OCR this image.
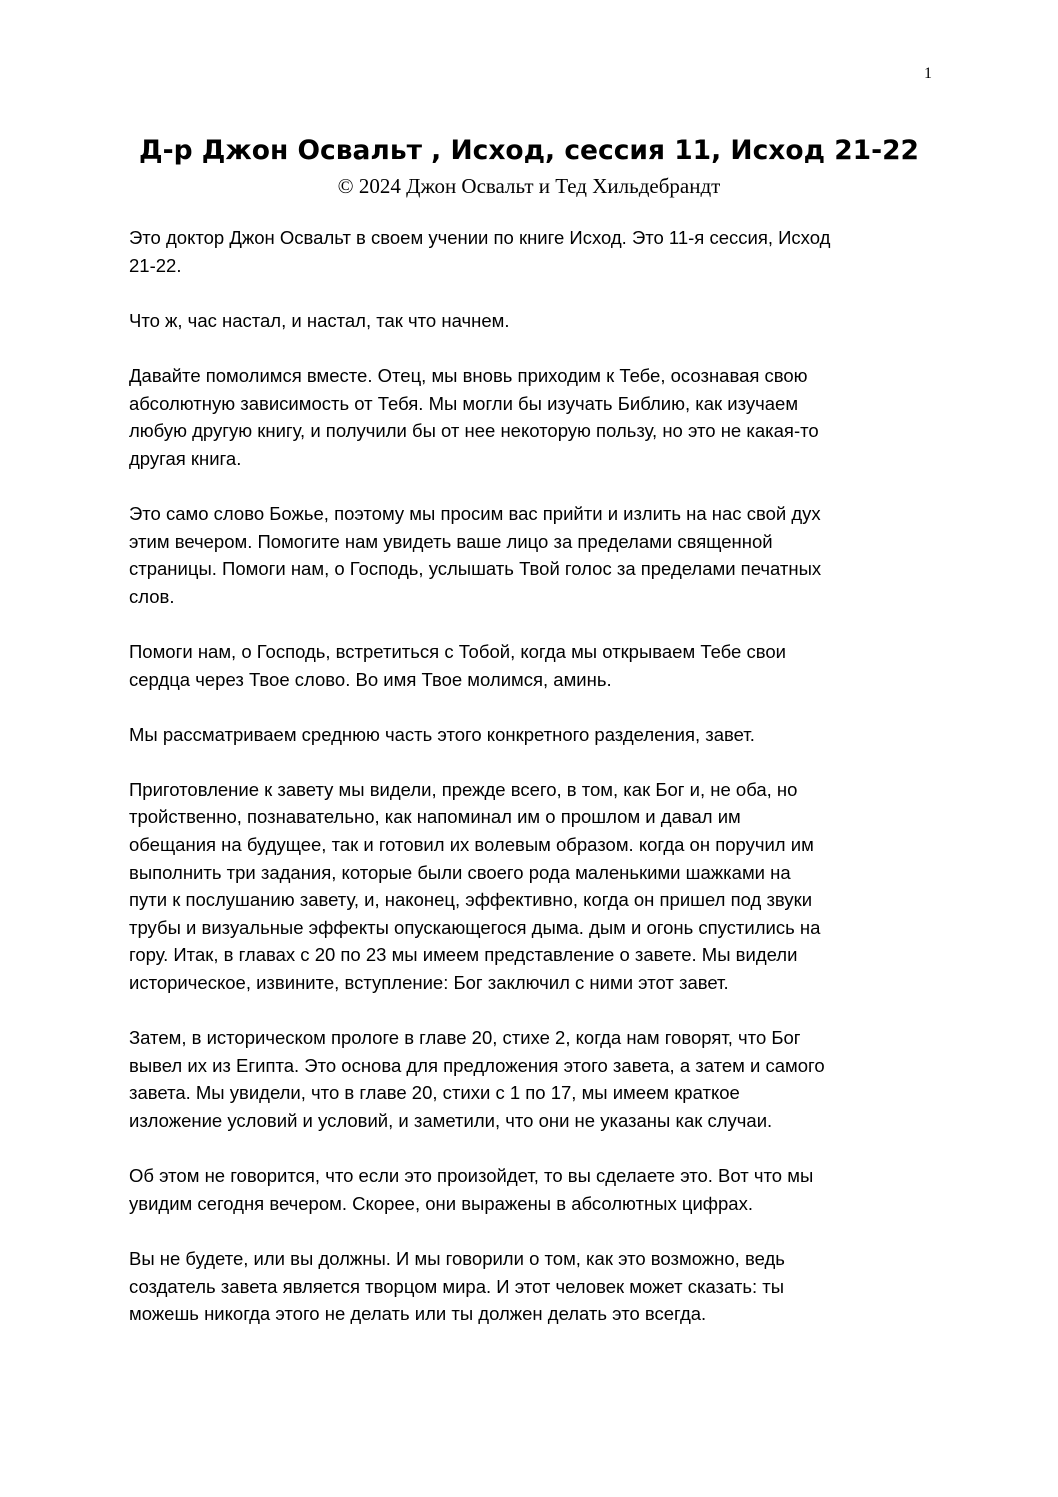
1
Д-р Джон Освальт , Исход, сессия 11, Исход 21-22
© 2024 Джон Освальт и Тед Хильдебрандт

Это доктор Джон Освальт в своем учении по книге Исход. Это 11-я сессия, Исход
21-22.

Что ж, час настал, и настал, так что начнем.

Давайте помолимся вместе. Отец, мы вновь приходим к Тебе, осознавая свою
абсолютную зависимость от Тебя. Мы могли бы изучать Библию, как изучаем
любую другую книгу, и получили бы от нее некоторую пользу, но это не какая-то
другая книга.

Это само слово Божье, поэтому мы просим вас прийти и излить на нас свой дух
этим вечером. Помогите нам увидеть ваше лицо за пределами священной
страницы. Помоги нам, о Господь, услышать Твой голос за пределами печатных
слов.

Помоги нам, о Господь, встретиться с Тобой, когда мы открываем Тебе свои
сердца через Твое слово. Во имя Твое молимся, аминь.

Мы рассматриваем среднюю часть этого конкретного разделения, завет.

Приготовление к завету мы видели, прежде всего, в том, как Бог и, не оба, но
тройственно, познавательно, как напоминал им о прошлом и давал им
обещания на будущее, так и готовил их волевым образом. когда он поручил им
выполнить три задания, которые были своего рода маленькими шажками на
пути к послушанию завету, и, наконец, эффективно, когда он пришел под звуки
трубы и визуальные эффекты опускающегося дыма. дым и огонь спустились на
гору. Итак, в главах с 20 по 23 мы имеем представление о завете. Мы видели
историческое, извините, вступление: Бог заключил с ними этот завет.

Затем, в историческом прологе в главе 20, стихе 2, когда нам говорят, что Бог
вывел их из Египта. Это основа для предложения этого завета, а затем и самого
завета. Мы увидели, что в главе 20, стихи с 1 по 17, мы имеем краткое
изложение условий и условий, и заметили, что они не указаны как случаи.

Об этом не говорится, что если это произойдет, то вы сделаете это. Вот что мы
увидим сегодня вечером. Скорее, они выражены в абсолютных цифрах.

Вы не будете, или вы должны. И мы говорили о том, как это возможно, ведь
создатель завета является творцом мира. И этот человек может сказать: ты
можешь никогда этого не делать или ты должен делать это всегда.
